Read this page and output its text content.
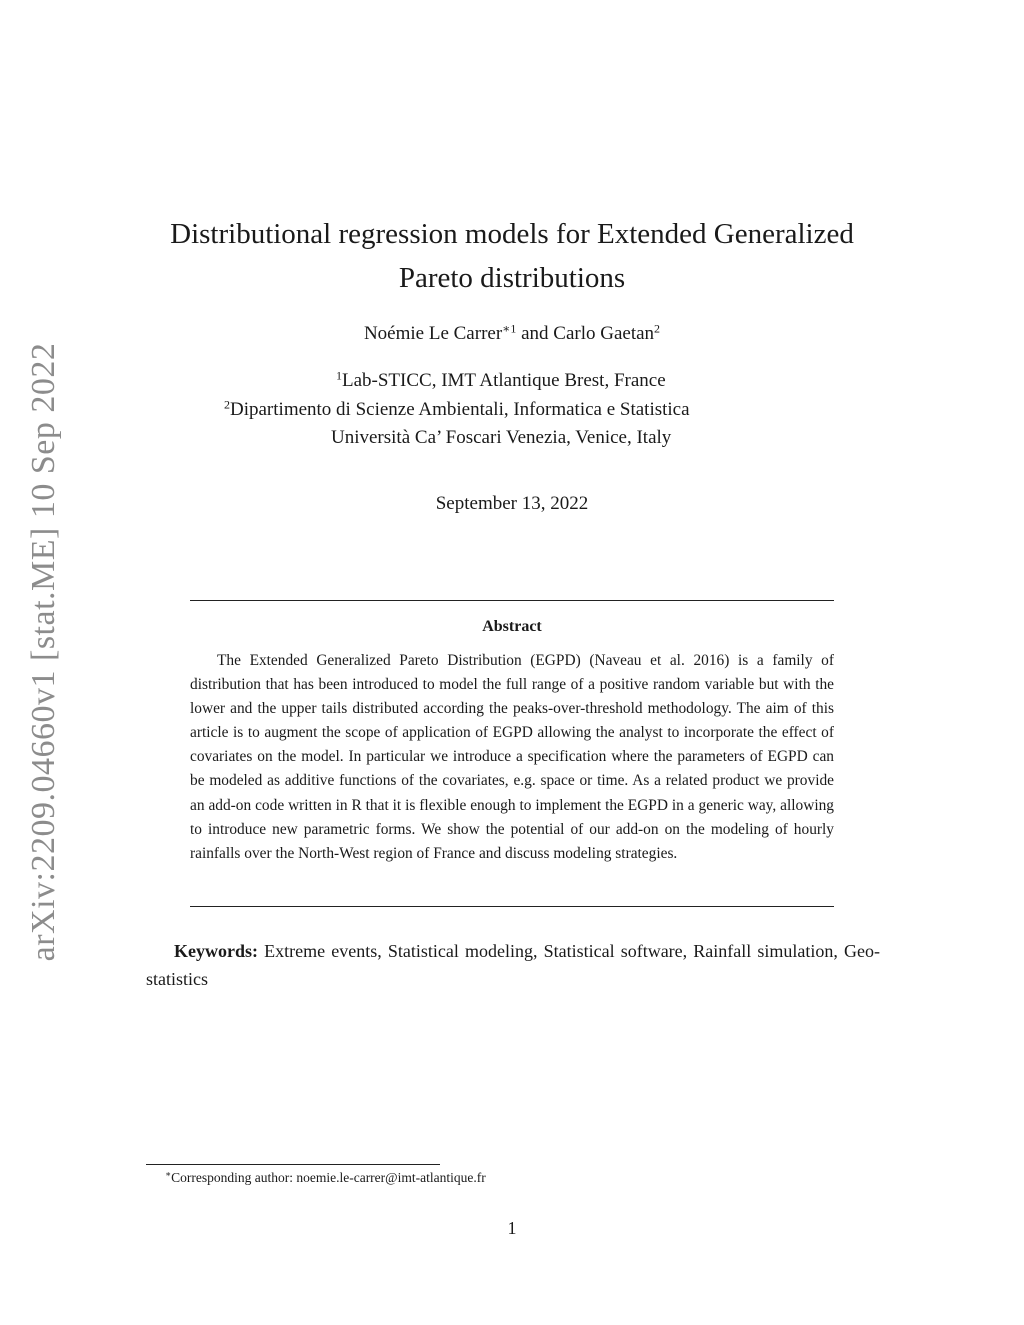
arXiv:2209.04660v1 [stat.ME] 10 Sep 2022
Distributional regression models for Extended Generalized
Pareto distributions
Noémie Le Carrer$^{∗1}$ and Carlo Gaetan$^2$
$^1$Lab-STICC, IMT Atlantique Brest, France
$^2$Dipartimento di Scienze Ambientali, Informatica e Statistica
Università Ca’ Foscari Venezia, Venice, Italy
September 13, 2022
Abstract

The Extended Generalized Pareto Distribution (EGPD) (Naveau et al. 2016) is a family of distribution that has been introduced to model the full range of a positive random variable but with the lower and the upper tails distributed according the peaks-over-threshold methodology. The aim of this article is to augment the scope of application of EGPD allowing the analyst to incorporate the effect of covariates on the model. In particular we introduce a specification where the parameters of EGPD can be modeled as additive functions of the covariates, e.g. space or time. As a related product we provide an add-on code written in R that it is flexible enough to implement the EGPD in a generic way, allowing to introduce new parametric forms. We show the potential of our add-on on the modeling of hourly rainfalls over the North-West region of France and discuss modeling strategies.

Keywords: Extreme events, Statistical modeling, Statistical software, Rainfall simulation, Geo-statistics

∗Corresponding author: noemie.le-carrer@imt-atlantique.fr
1
